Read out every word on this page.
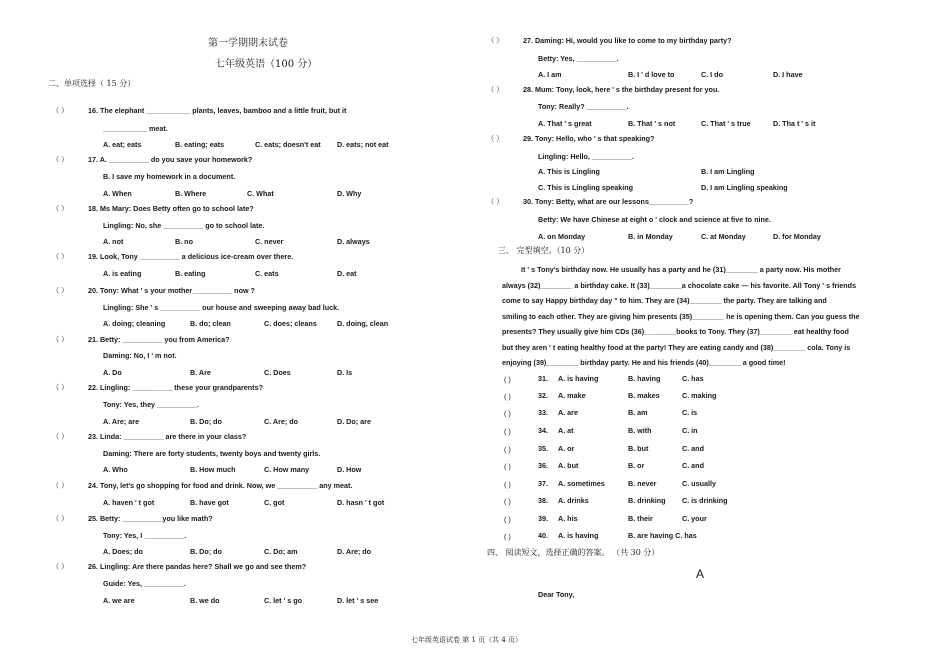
第一学期期末试卷
七年级英语（100 分）
二、单项选择（ 15 分）
（ ）	16. The elephant ___________ plants, leaves, bamboo and a little fruit, but it
___________ meat.
A. eat; eats	B. eating; eats	C. eats; doesn't eat D. eats; not eat
（ ）	17. A. __________ do you save your homework?
B. I save my homework in a document.
A. When	B. Where	C. What	D. Why
（ ）	18. Ms Mary: Does Betty often go to school late?
Lingling: No, she __________ go to school late.
A. not	B. no	C. never	D. always
（ ）	19. Look, Tony __________ a delicious ice-cream over there.
A. is eating	B. eating	C. eats	D. eat
（ ）	20. Tony: What ' s your mother__________ now ?
Lingling: She ' s __________ our house and sweeping away bad luck.
A. doing; cleaning	B. do; clean	C. does; cleans	D. doing, clean
（ ）	21. Betty: __________ you from America?
Daming: No, I ' m not.
A. Do	B. Are	C. Does	D. Is
（ ）	22. Lingling: __________ these your grandparents?
Tony: Yes, they __________.
A. Are; are	B. Do; do	C. Are; do	D. Do; are
（ ）	23. Linda: __________ are there in your class?
Daming: There are forty students, twenty boys and twenty girls.
A. Who	B. How much	C. How many	D. How
（ ）	24. Tony, let's go shopping for food and drink. Now, we __________ any meat.
A. haven ' t got	B. have got	C. got	D. hasn ' t got
（ ）	25. Betty: __________you like math?
Tony: Yes, I __________.
A. Does; do	B. Do; do	C. Do; am	D. Are; do
（ ）	26. Lingling: Are there pandas here? Shall we go and see them?
Guide: Yes, __________.
A. we are	B. we do	C. let ' s go	D. let ' s see
（ ）	27. Daming: Hi, would you like to come to my birthday party?
Betty: Yes, __________.
A. I am	B. I ' d love to	C. I do	D. I have
（ ）	28. Mum: Tony, look, here ' s the birthday present for you.
Tony: Really? __________.
A. That ' s great	B. That ' s not	C. That ' s true	D. Tha t ' s it
（ ）	29. Tony: Hello, who ' s that speaking?
Lingling: Hello, __________.
A. This is Lingling	B. I am Lingling
C. This is Lingling speaking	D. I am Lingling speaking
（ ）	30. Tony: Betty, what are our lessons__________?
Betty: We have Chinese at eight o ' clock and science at five to nine.
A. on Monday	B. in Monday	C. at Monday	D. for Monday
三、 完型填空。（10 分）
It ' s Tony's birthday now. He usually has a party and he (31)________ a party now. His mother
always (32)________ a birthday cake. It (33)________a chocolate cake — his favorite. All Tony ' s friends
come to say Happy birthday day " to him. They are (34)________ the party. They are talking and
smiling to each other. They are giving him presents (35)________ he is opening them. Can you guess the
presents? They usually give him CDs (36)________books to Tony. They (37)________ eat healthy food
but they aren ' t eating healthy food at the party! They are eating candy and (38)________ cola. Tony is
enjoying (39)________ birthday party. He and his friends (40)________ a good time!
( )	31. A. is having	B. having	C. has
( )	32. A. make	B. makes	C. making
( )	33. A. are	B. am	C. is
( )	34. A. at	B. with	C. in
( )	35. A. or	B. but	C. and
( )	36. A. but	B. or	C. and
( )	37. A. sometimes	B. never	C. usually
( )	38. A. drinks	B. drinking C. is drinking
( )	39. A. his	B. their	C. your
( )	40. A. is having	B. are having C. has
四、 阅读短文，选择正确的答案。 （共 30 分）
A
Dear Tony,
七年级英语试卷 第 1 页（共 4 页）
